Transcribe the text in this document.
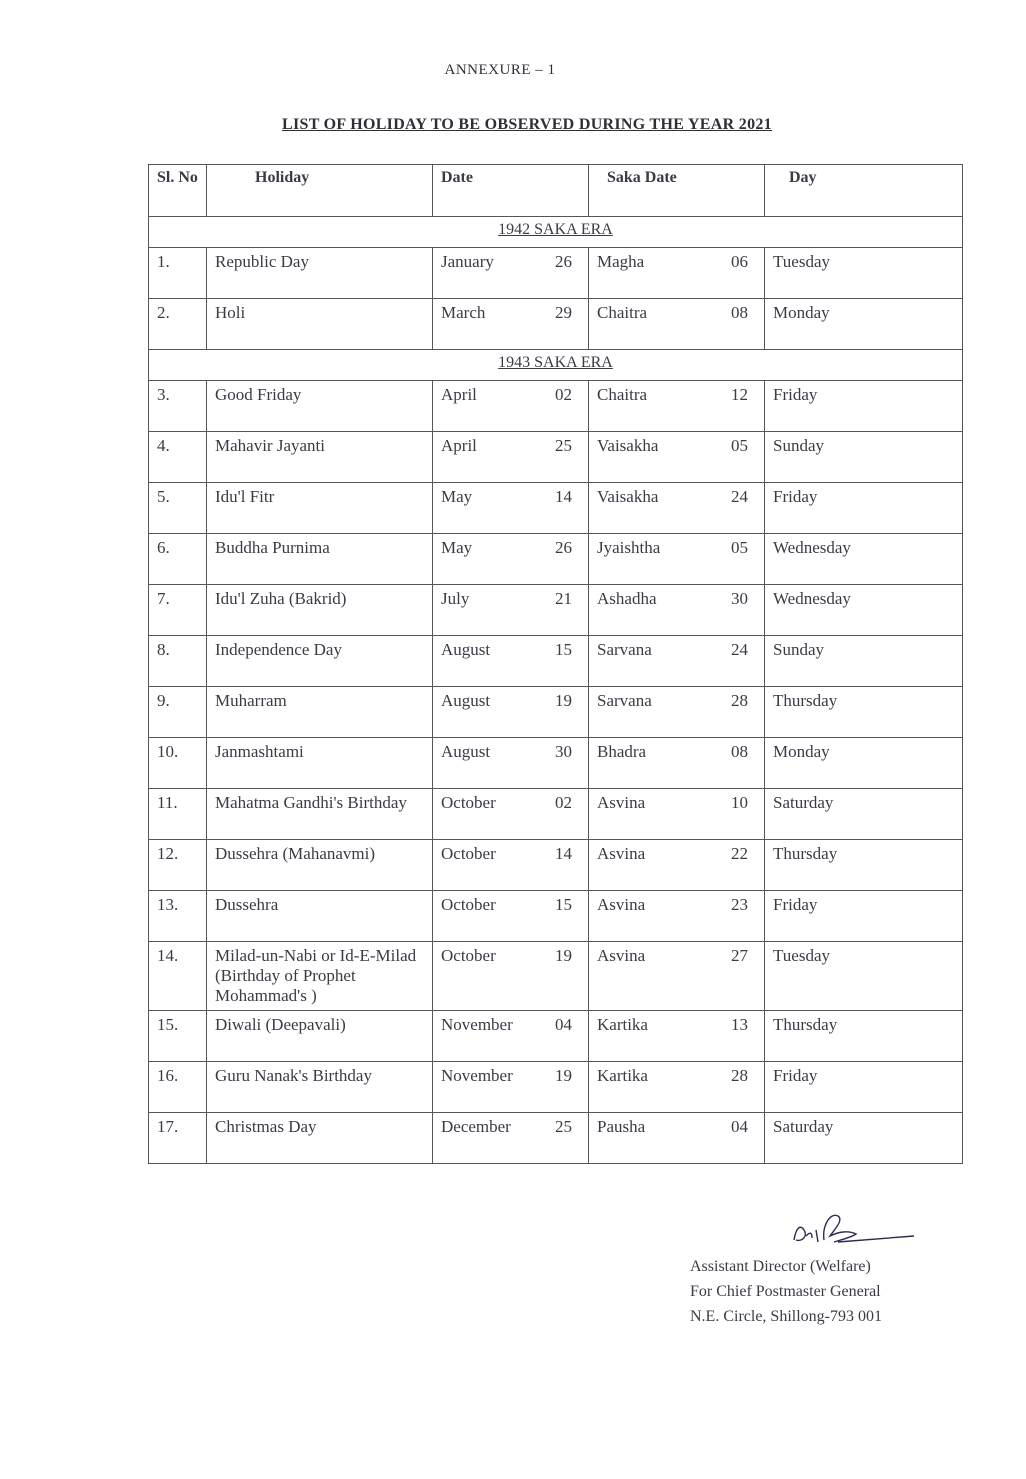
ANNEXURE – 1
LIST OF HOLIDAY TO BE OBSERVED DURING THE YEAR 2021
Sl. No	Holiday	Date	Saka Date	Day
1942 SAKA ERA				
1.	Republic Day	January 26	Magha 06	Tuesday
2.	Holi	March 29	Chaitra 08	Monday
1943 SAKA ERA				
3.	Good Friday	April 02	Chaitra 12	Friday
4.	Mahavir Jayanti	April 25	Vaisakha 05	Sunday
5.	Idu'l Fitr	May 14	Vaisakha 24	Friday
6.	Buddha Purnima	May 26	Jyaishtha 05	Wednesday
7.	Idu'l Zuha (Bakrid)	July 21	Ashadha 30	Wednesday
8.	Independence Day	August 15	Sarvana 24	Sunday
9.	Muharram	August 19	Sarvana 28	Thursday
10.	Janmashtami	August 30	Bhadra 08	Monday
11.	Mahatma Gandhi's Birthday	October 02	Asvina 10	Saturday
12.	Dussehra (Mahanavmi)	October 14	Asvina 22	Thursday
13.	Dussehra	October 15	Asvina 23	Friday
14.	Milad-un-Nabi or Id-E-Milad (Birthday of Prophet Mohammad's )	October 19	Asvina 27	Tuesday
15.	Diwali (Deepavali)	November 04	Kartika 13	Thursday
16.	Guru Nanak's Birthday	November 19	Kartika 28	Friday
17.	Christmas Day	December 25	Pausha 04	Saturday
Assistant Director (Welfare)
For Chief Postmaster General
N.E. Circle, Shillong-793 001
